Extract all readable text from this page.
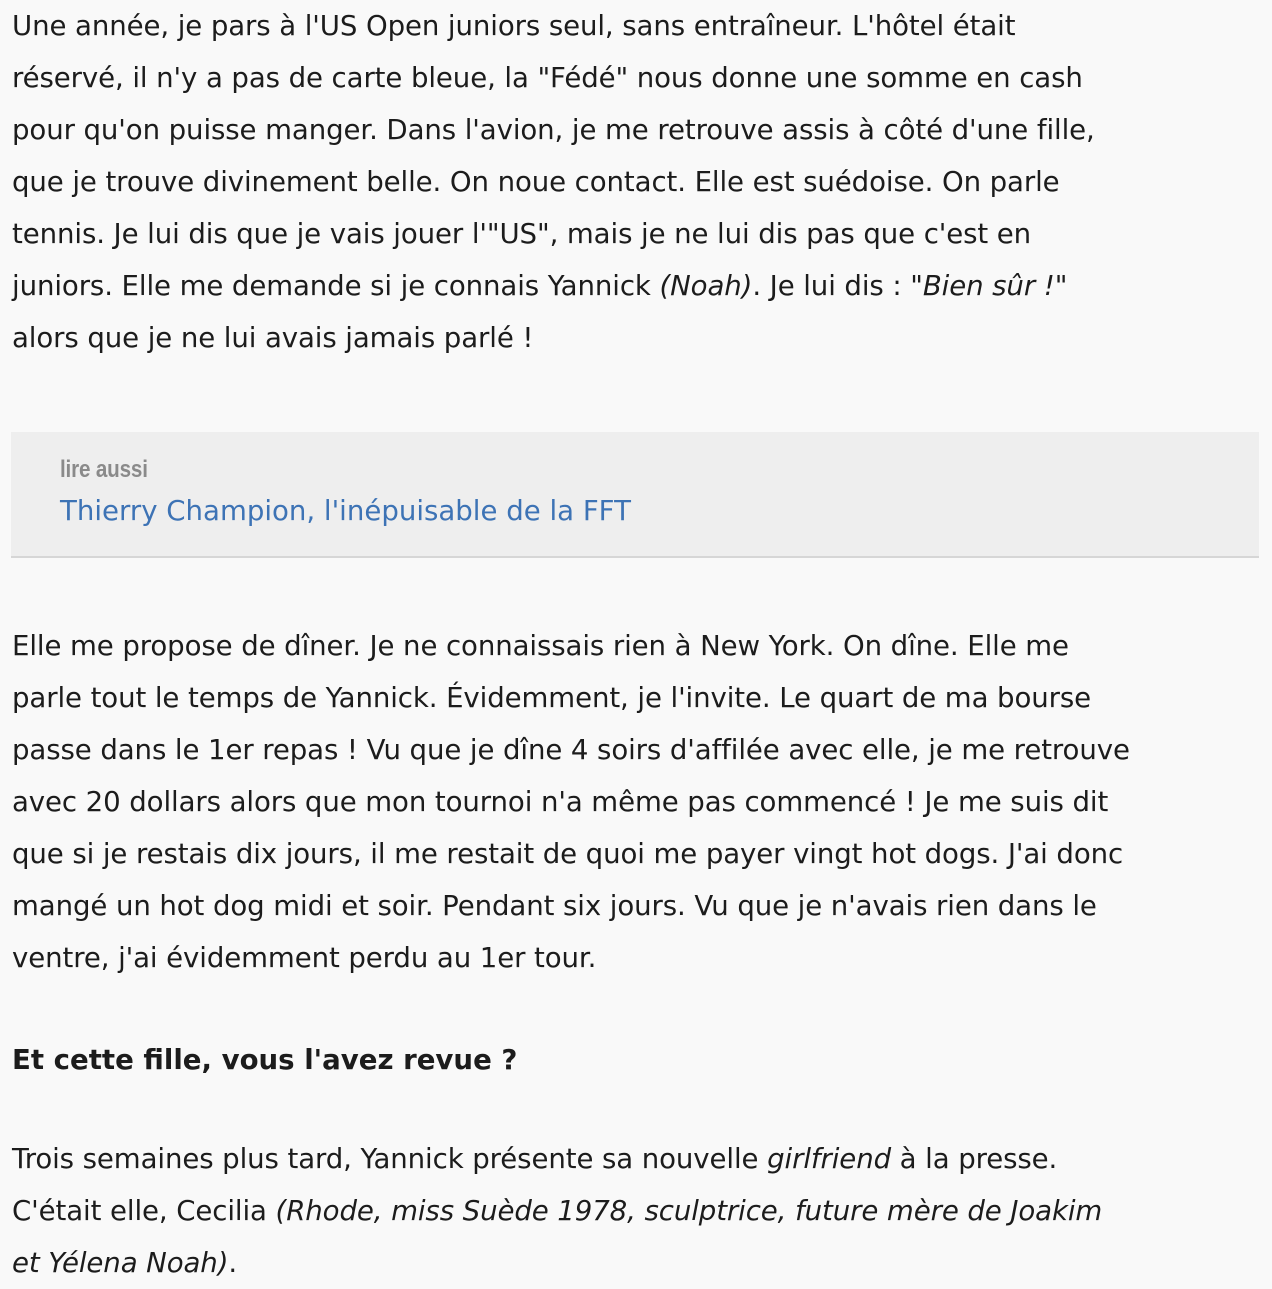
Une année, je pars à l'US Open juniors seul, sans entraîneur. L'hôtel était
réservé, il n'y a pas de carte bleue, la "Fédé" nous donne une somme en cash
pour qu'on puisse manger. Dans l'avion, je me retrouve assis à côté d'une fille,
que je trouve divinement belle. On noue contact. Elle est suédoise. On parle
tennis. Je lui dis que je vais jouer l'"US", mais je ne lui dis pas que c'est en
juniors. Elle me demande si je connais Yannick (Noah). Je lui dis : "Bien sûr !"
alors que je ne lui avais jamais parlé !

lire aussi
Thierry Champion, l'inépuisable de la FFT

Elle me propose de dîner. Je ne connaissais rien à New York. On dîne. Elle me
parle tout le temps de Yannick. Évidemment, je l'invite. Le quart de ma bourse
passe dans le 1er repas ! Vu que je dîne 4 soirs d'affilée avec elle, je me retrouve
avec 20 dollars alors que mon tournoi n'a même pas commencé ! Je me suis dit
que si je restais dix jours, il me restait de quoi me payer vingt hot dogs. J'ai donc
mangé un hot dog midi et soir. Pendant six jours. Vu que je n'avais rien dans le
ventre, j'ai évidemment perdu au 1er tour.

Et cette fille, vous l'avez revue ?

Trois semaines plus tard, Yannick présente sa nouvelle girlfriend à la presse.
C'était elle, Cecilia (Rhode, miss Suède 1978, sculptrice, future mère de Joakim
et Yélena Noah).
